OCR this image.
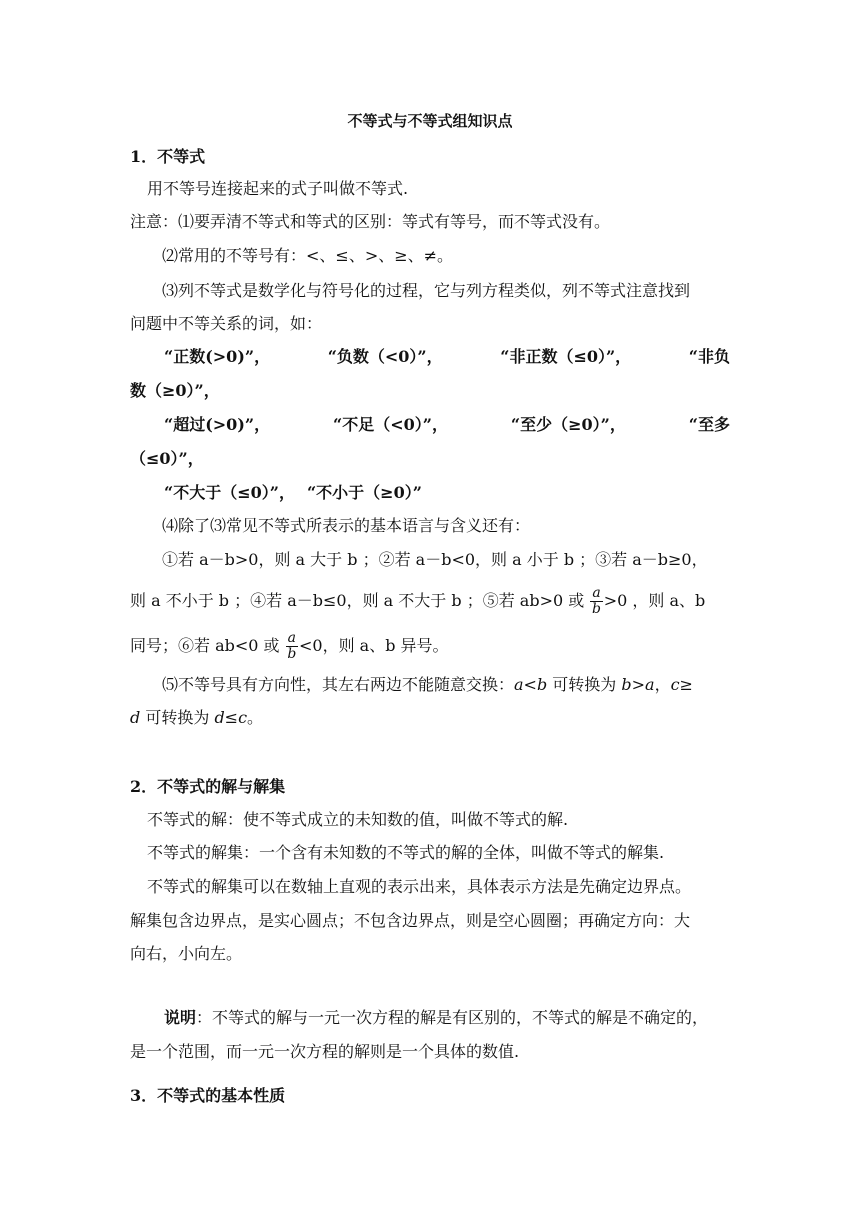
不等式与不等式组知识点
1．不等式
用不等号连接起来的式子叫做不等式.
注意：⑴要弄清不等式和等式的区别：等式有等号，而不等式没有。
⑵常用的不等号有：<、≤、>、≥、≠。
⑶列不等式是数学化与符号化的过程，它与列方程类似，列不等式注意找到
问题中不等关系的词，如：
“正数(>0)”，	“负数（<0）”，	“非正数（≤0）”，	“非负
数（≥0）”，
“超过(>0)”，	“不足（<0）”，	“至少（≥0）”，	“至多
（≤0）”，
“不大于（≤0）”， “不小于（≥0）”
⑷除了⑶常见不等式所表示的基本语言与含义还有：
①若 a－b>0，则 a 大于 b ；②若 a－b<0，则 a 小于 b ；③若 a－b≥0，
则 a 不小于 b ；④若 a－b≤0，则 a 不大于 b ；⑤若 ab>0 或 $\frac{a}{b} >0$ ，则 a、b
同号；⑥若 ab<0 或 $\frac{a}{b} <0$，则 a、b 异号。
⑸不等号具有方向性，其左右两边不能随意交换：a<b 可转换为 b>a，c≥
d 可转换为 d≤c。
2．不等式的解与解集
不等式的解：使不等式成立的未知数的值，叫做不等式的解.
不等式的解集：一个含有未知数的不等式的解的全体，叫做不等式的解集.
不等式的解集可以在数轴上直观的表示出来，具体表示方法是先确定边界点。
解集包含边界点，是实心圆点；不包含边界点，则是空心圆圈；再确定方向：大
向右，小向左。
说明：不等式的解与一元一次方程的解是有区别的，不等式的解是不确定的，
是一个范围，而一元一次方程的解则是一个具体的数值.
3．不等式的基本性质
